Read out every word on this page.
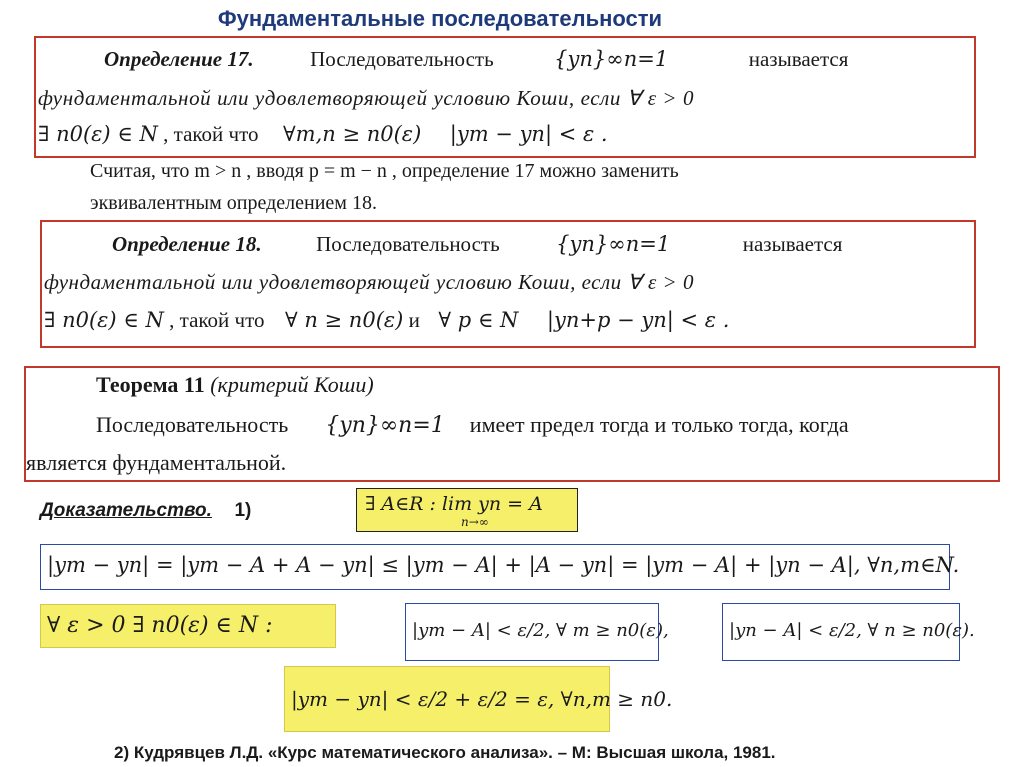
Фундаментальные последовательности
Определение 17.	Последовательность	{yn}∞n=1	называется
фундаментальной или удовлетворяющей условию Коши, если ∀ ε > 0
∃ n0(ε) ∈ N , такой что ∀m,n ≥ n0(ε) |ym − yn| < ε .
Считая, что m > n , вводя p = m − n , определение 17 можно заменить
эквивалентным определением 18.
Определение 18.	Последовательность	{yn}∞n=1	называется
фундаментальной или удовлетворяющей условию Коши, если ∀ ε > 0
∃ n0(ε) ∈ N , такой что ∀ n ≥ n0(ε) и ∀ p ∈ N |yn+p − yn| < ε .
Теорема 11 (критерий Коши)
Последовательность {yn}∞n=1 имеет предел тогда и только тогда, когда
является фундаментальной.
Доказательство. 1)	∃ A∈R : lim yn = A
n→∞
|ym − yn| = |ym − A + A − yn| ≤ |ym − A| + |A − yn| = |ym − A| + |yn − A|, ∀n,m∈N.
∀ ε > 0 ∃ n0(ε) ∈ N :	|ym − A| < ε/2, ∀ m ≥ n0(ε),	|yn − A| < ε/2, ∀ n ≥ n0(ε).
|ym − yn| < ε/2 + ε/2 = ε, ∀n,m ≥ n0.
2) Кудрявцев Л.Д. «Курс математического анализа». – М: Высшая школа, 1981.
